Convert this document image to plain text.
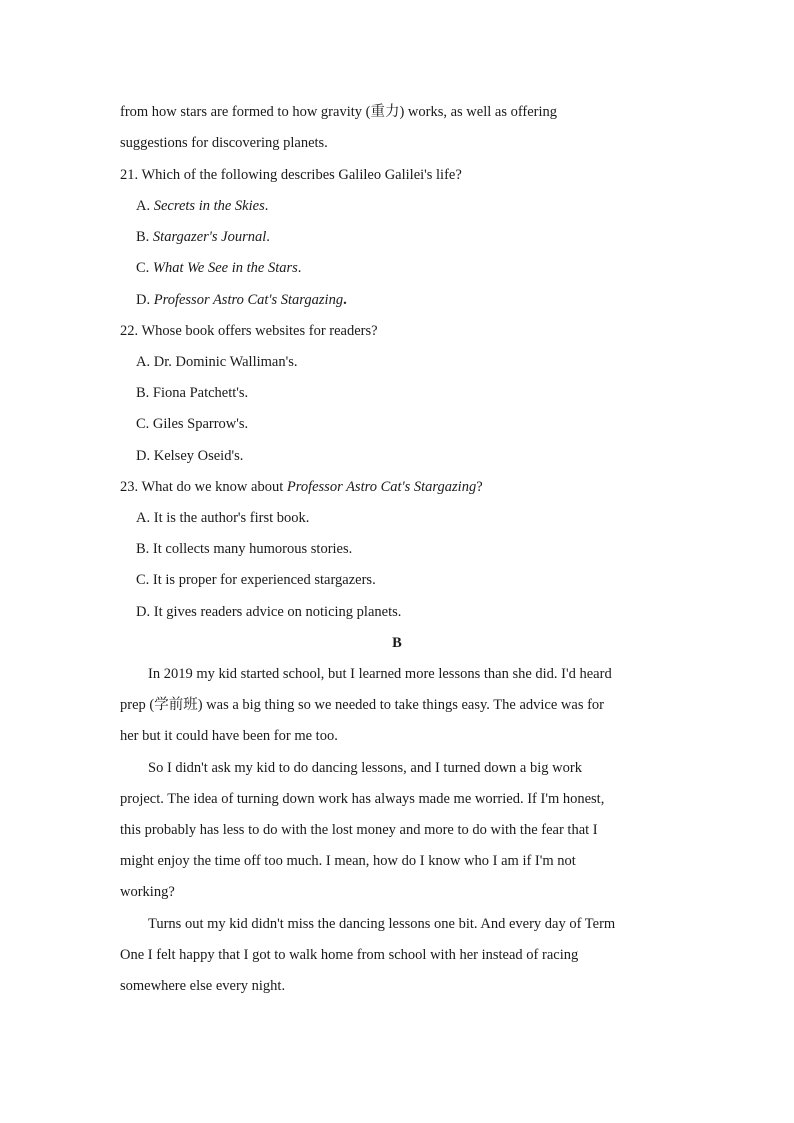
from how stars are formed to how gravity (重力) works, as well as offering
suggestions for discovering planets.
21. Which of the following describes Galileo Galilei's life?
A. Secrets in the Skies.
B. Stargazer's Journal.
C. What We See in the Stars.
D. Professor Astro Cat's Stargazing.
22. Whose book offers websites for readers?
A. Dr. Dominic Walliman's.
B. Fiona Patchett's.
C. Giles Sparrow's.
D. Kelsey Oseid's.
23. What do we know about Professor Astro Cat's Stargazing?
A. It is the author's first book.
B. It collects many humorous stories.
C. It is proper for experienced stargazers.
D. It gives readers advice on noticing planets.
B
In 2019 my kid started school, but I learned more lessons than she did. I'd heard
prep (学前班) was a big thing so we needed to take things easy. The advice was for
her but it could have been for me too.
So I didn't ask my kid to do dancing lessons, and I turned down a big work
project. The idea of turning down work has always made me worried. If I'm honest,
this probably has less to do with the lost money and more to do with the fear that I
might enjoy the time off too much. I mean, how do I know who I am if I'm not
working?
Turns out my kid didn't miss the dancing lessons one bit. And every day of Term
One I felt happy that I got to walk home from school with her instead of racing
somewhere else every night.
